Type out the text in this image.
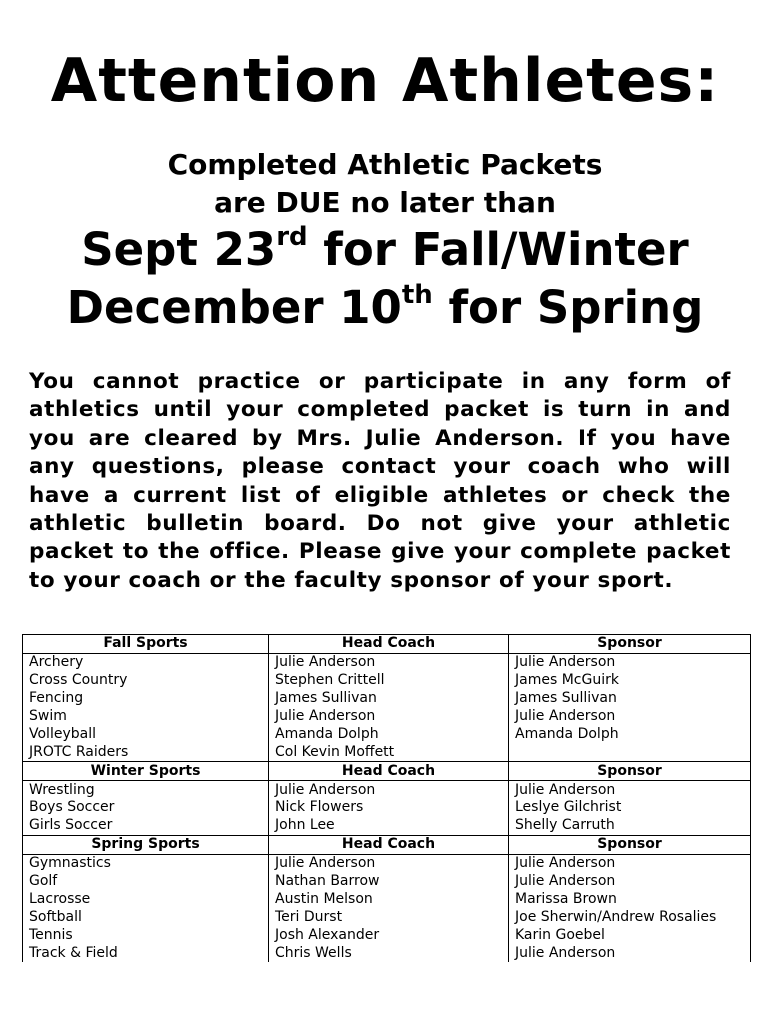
Attention Athletes:

Completed Athletic Packets

are DUE no later than

Sept 23rd for Fall/Winter

December 10th for Spring

You cannot practice or participate in any form of athletics until your completed packet is turn in and you are cleared by Mrs. Julie Anderson. If you have any questions, please contact your coach who will have a current list of eligible athletes or check the athletic bulletin board. Do not give your athletic packet to the office. Please give your complete packet to your coach or the faculty sponsor of your sport.

Fall Sports	Head Coach	Sponsor
Archery	Julie Anderson	Julie Anderson
Cross Country	Stephen Crittell	James McGuirk
Fencing	James Sullivan	James Sullivan
Swim	Julie Anderson	Julie Anderson
Volleyball	Amanda Dolph	Amanda Dolph
JROTC Raiders	Col Kevin Moffett	
Winter Sports	Head Coach	Sponsor
Wrestling	Julie Anderson	Julie Anderson
Boys Soccer	Nick Flowers	Leslye Gilchrist
Girls Soccer	John Lee	Shelly Carruth
Spring Sports	Head Coach	Sponsor
Gymnastics	Julie Anderson	Julie Anderson
Golf	Nathan Barrow	Julie Anderson
Lacrosse	Austin Melson	Marissa Brown
Softball	Teri Durst	Joe Sherwin/Andrew Rosalies
Tennis	Josh Alexander	Karin Goebel
Track & Field	Chris Wells	Julie Anderson
